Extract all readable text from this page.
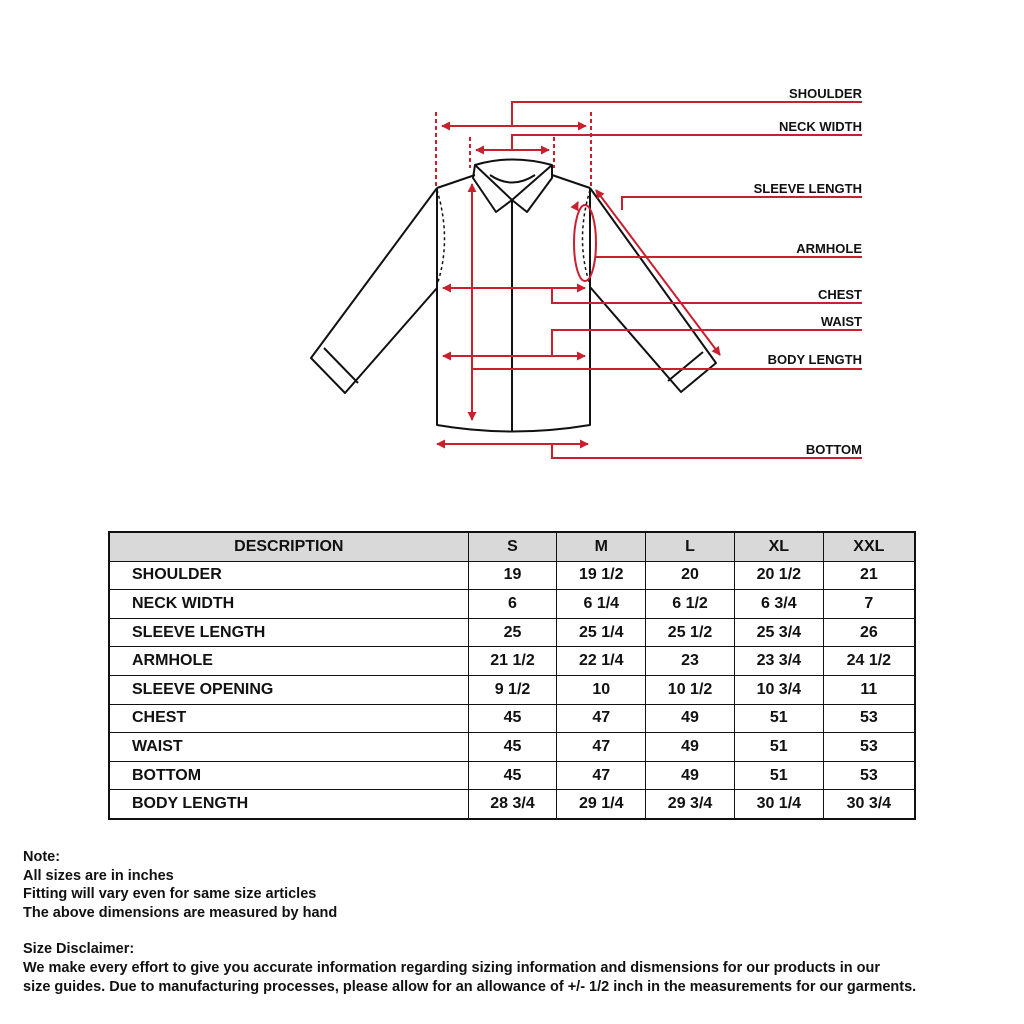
SHOULDER
NECK WIDTH
SLEEVE LENGTH
ARMHOLE
CHEST
WAIST
BODY LENGTH
BOTTOM
DESCRIPTION	S	M	L	XL	XXL
SHOULDER	19	19 1/2	20	20 1/2	21
NECK WIDTH	6	6 1/4	6 1/2	6 3/4	7
SLEEVE LENGTH	25	25 1/4	25 1/2	25 3/4	26
ARMHOLE	21 1/2	22 1/4	23	23 3/4	24 1/2
SLEEVE OPENING	9 1/2	10	10 1/2	10 3/4	11
CHEST	45	47	49	51	53
WAIST	45	47	49	51	53
BOTTOM	45	47	49	51	53
BODY LENGTH	28 3/4	29 1/4	29 3/4	30 1/4	30 3/4

Note:

All sizes are in inches

Fitting will vary even for same size articles

The above dimensions are measured by hand

Size Disclaimer:

We make every effort to give you accurate information regarding sizing information and dismensions for our products in our

size guides. Due to manufacturing processes, please allow for an allowance of +/- 1/2 inch in the measurements for our garments.
